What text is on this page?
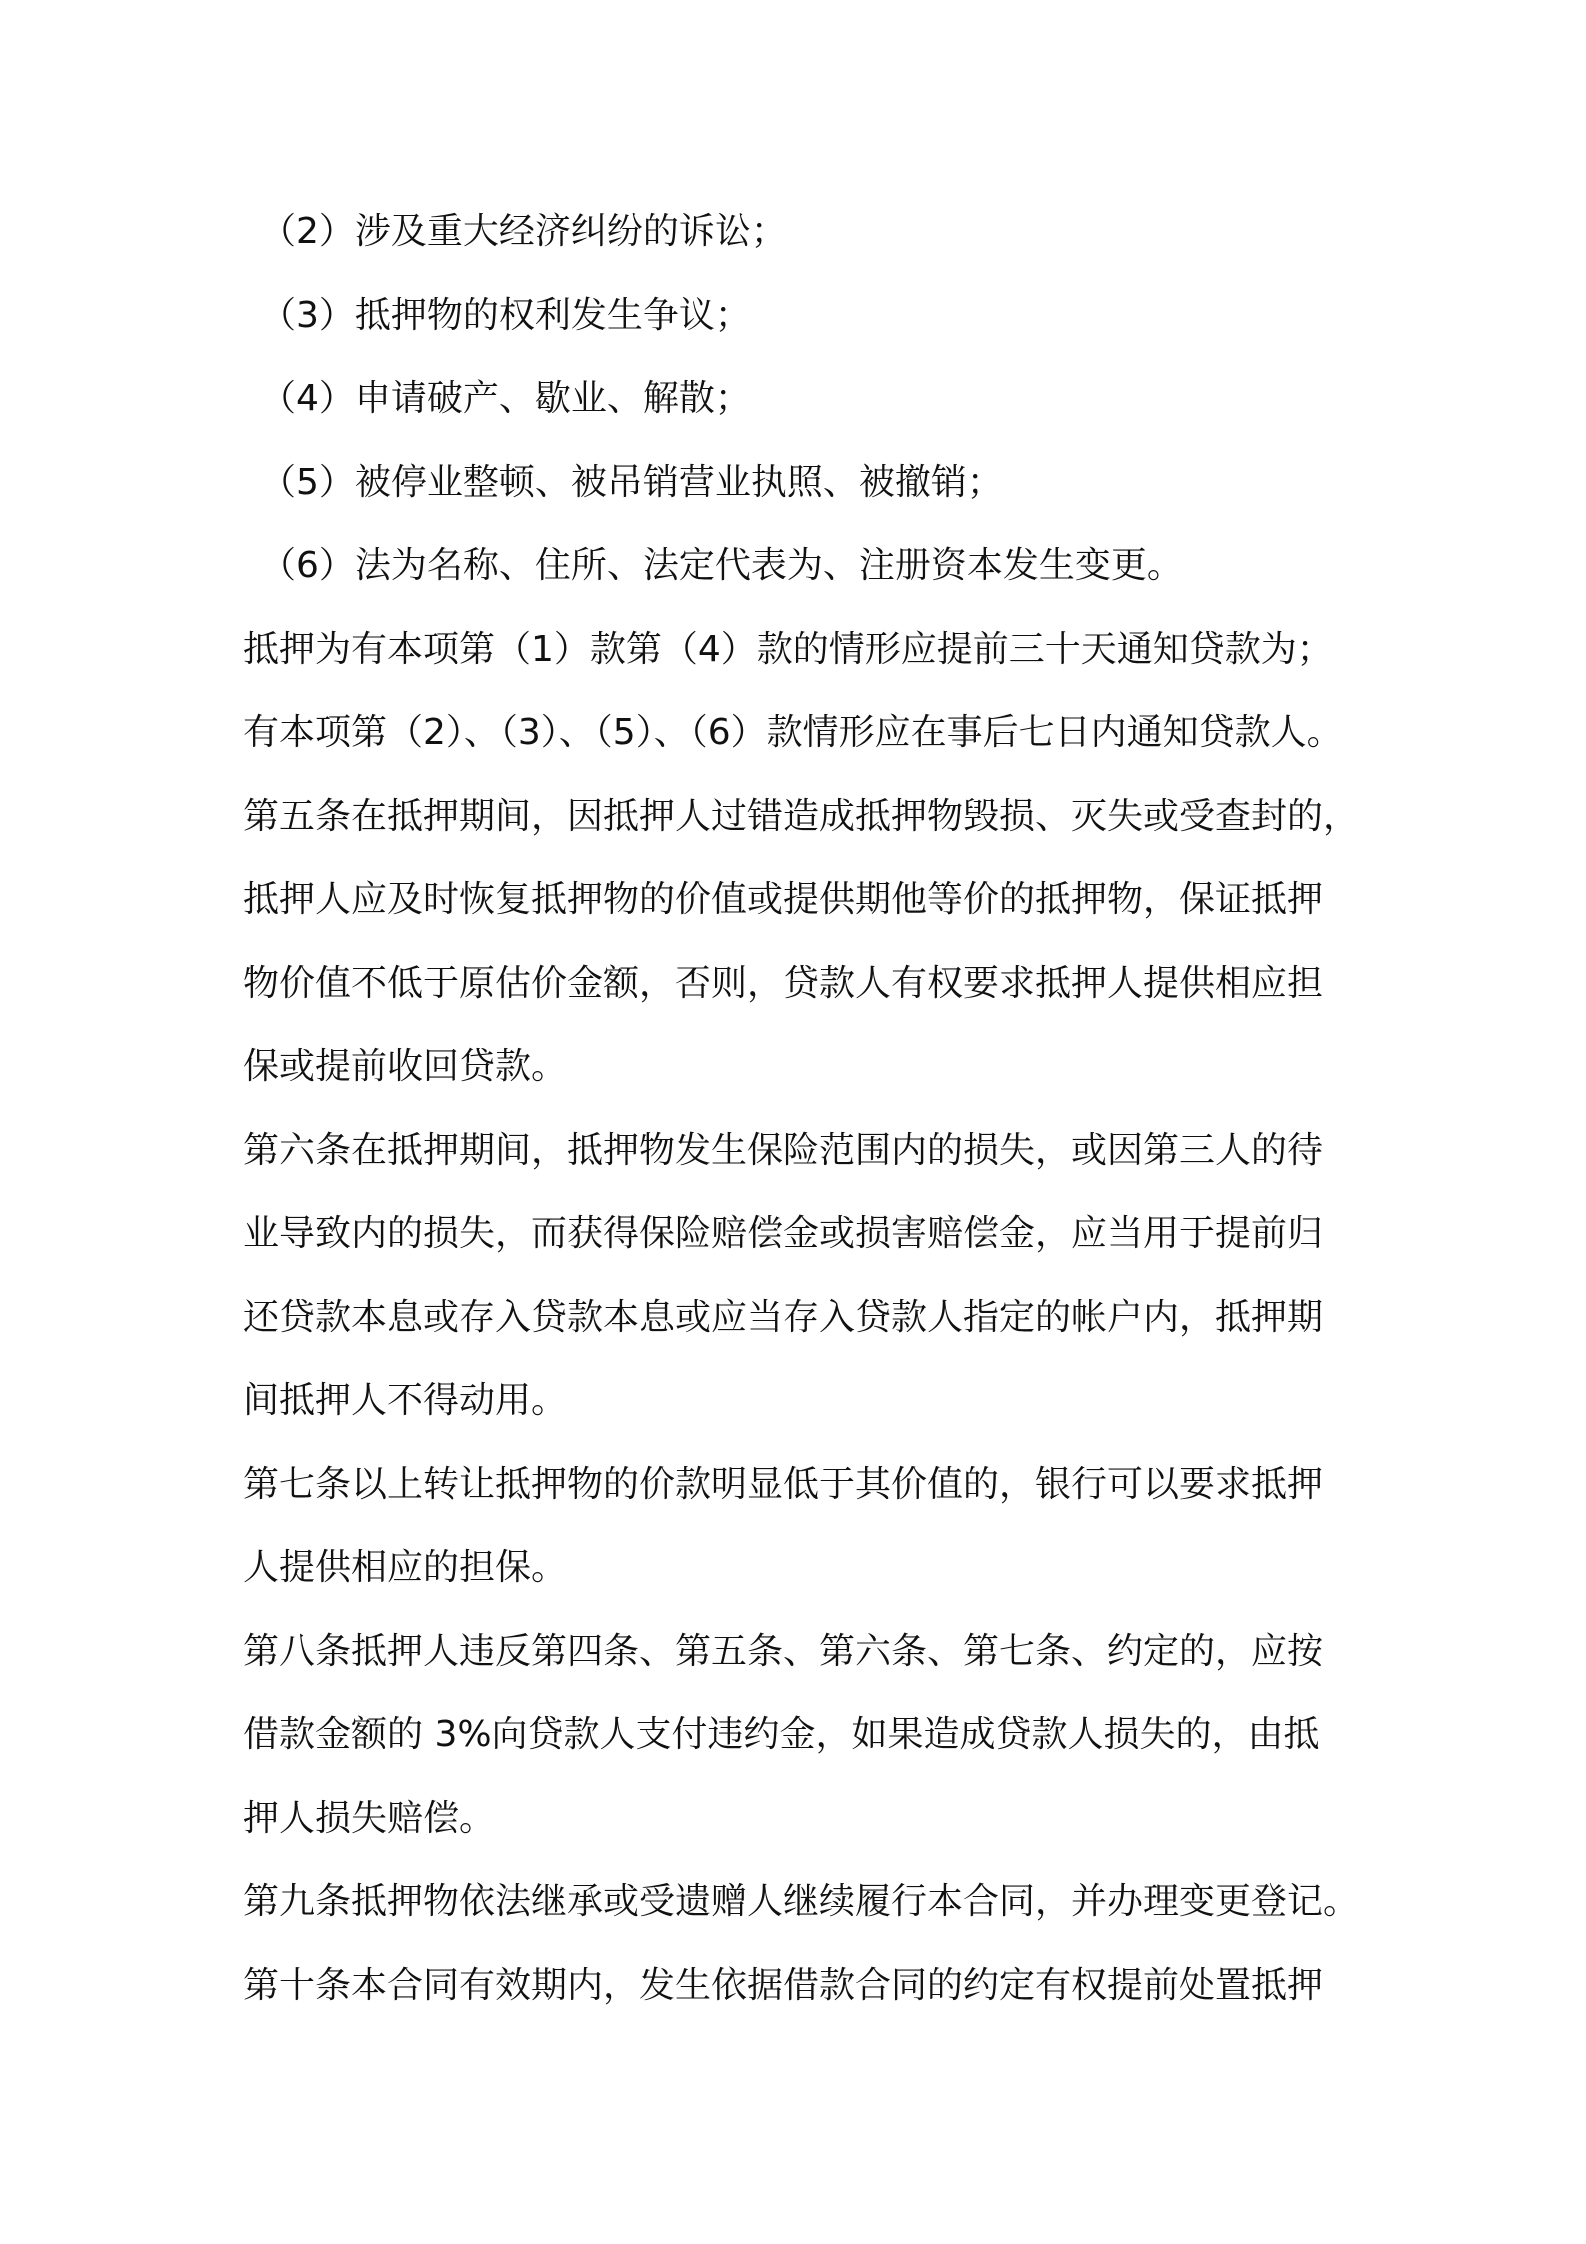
（2）涉及重大经济纠纷的诉讼；
（3）抵押物的权利发生争议；
（4）申请破产、歇业、解散；
（5）被停业整顿、被吊销营业执照、被撤销；
（6）法为名称、住所、法定代表为、注册资本发生变更。
抵押为有本项第（1）款第（4）款的情形应提前三十天通知贷款为；
有本项第（2）、（3）、（5）、（6）款情形应在事后七日内通知贷款人。
第五条在抵押期间，因抵押人过错造成抵押物毁损、灭失或受查封的，
抵押人应及时恢复抵押物的价值或提供期他等价的抵押物，保证抵押
物价值不低于原估价金额，否则，贷款人有权要求抵押人提供相应担
保或提前收回贷款。
第六条在抵押期间，抵押物发生保险范围内的损失，或因第三人的待
业导致内的损失，而获得保险赔偿金或损害赔偿金，应当用于提前归
还贷款本息或存入贷款本息或应当存入贷款人指定的帐户内，抵押期
间抵押人不得动用。
第七条以上转让抵押物的价款明显低于其价值的，银行可以要求抵押
人提供相应的担保。
第八条抵押人违反第四条、第五条、第六条、第七条、约定的，应按
借款金额的 3%向贷款人支付违约金，如果造成贷款人损失的，由抵
押人损失赔偿。
第九条抵押物依法继承或受遗赠人继续履行本合同，并办理变更登记。
第十条本合同有效期内，发生依据借款合同的约定有权提前处置抵押
